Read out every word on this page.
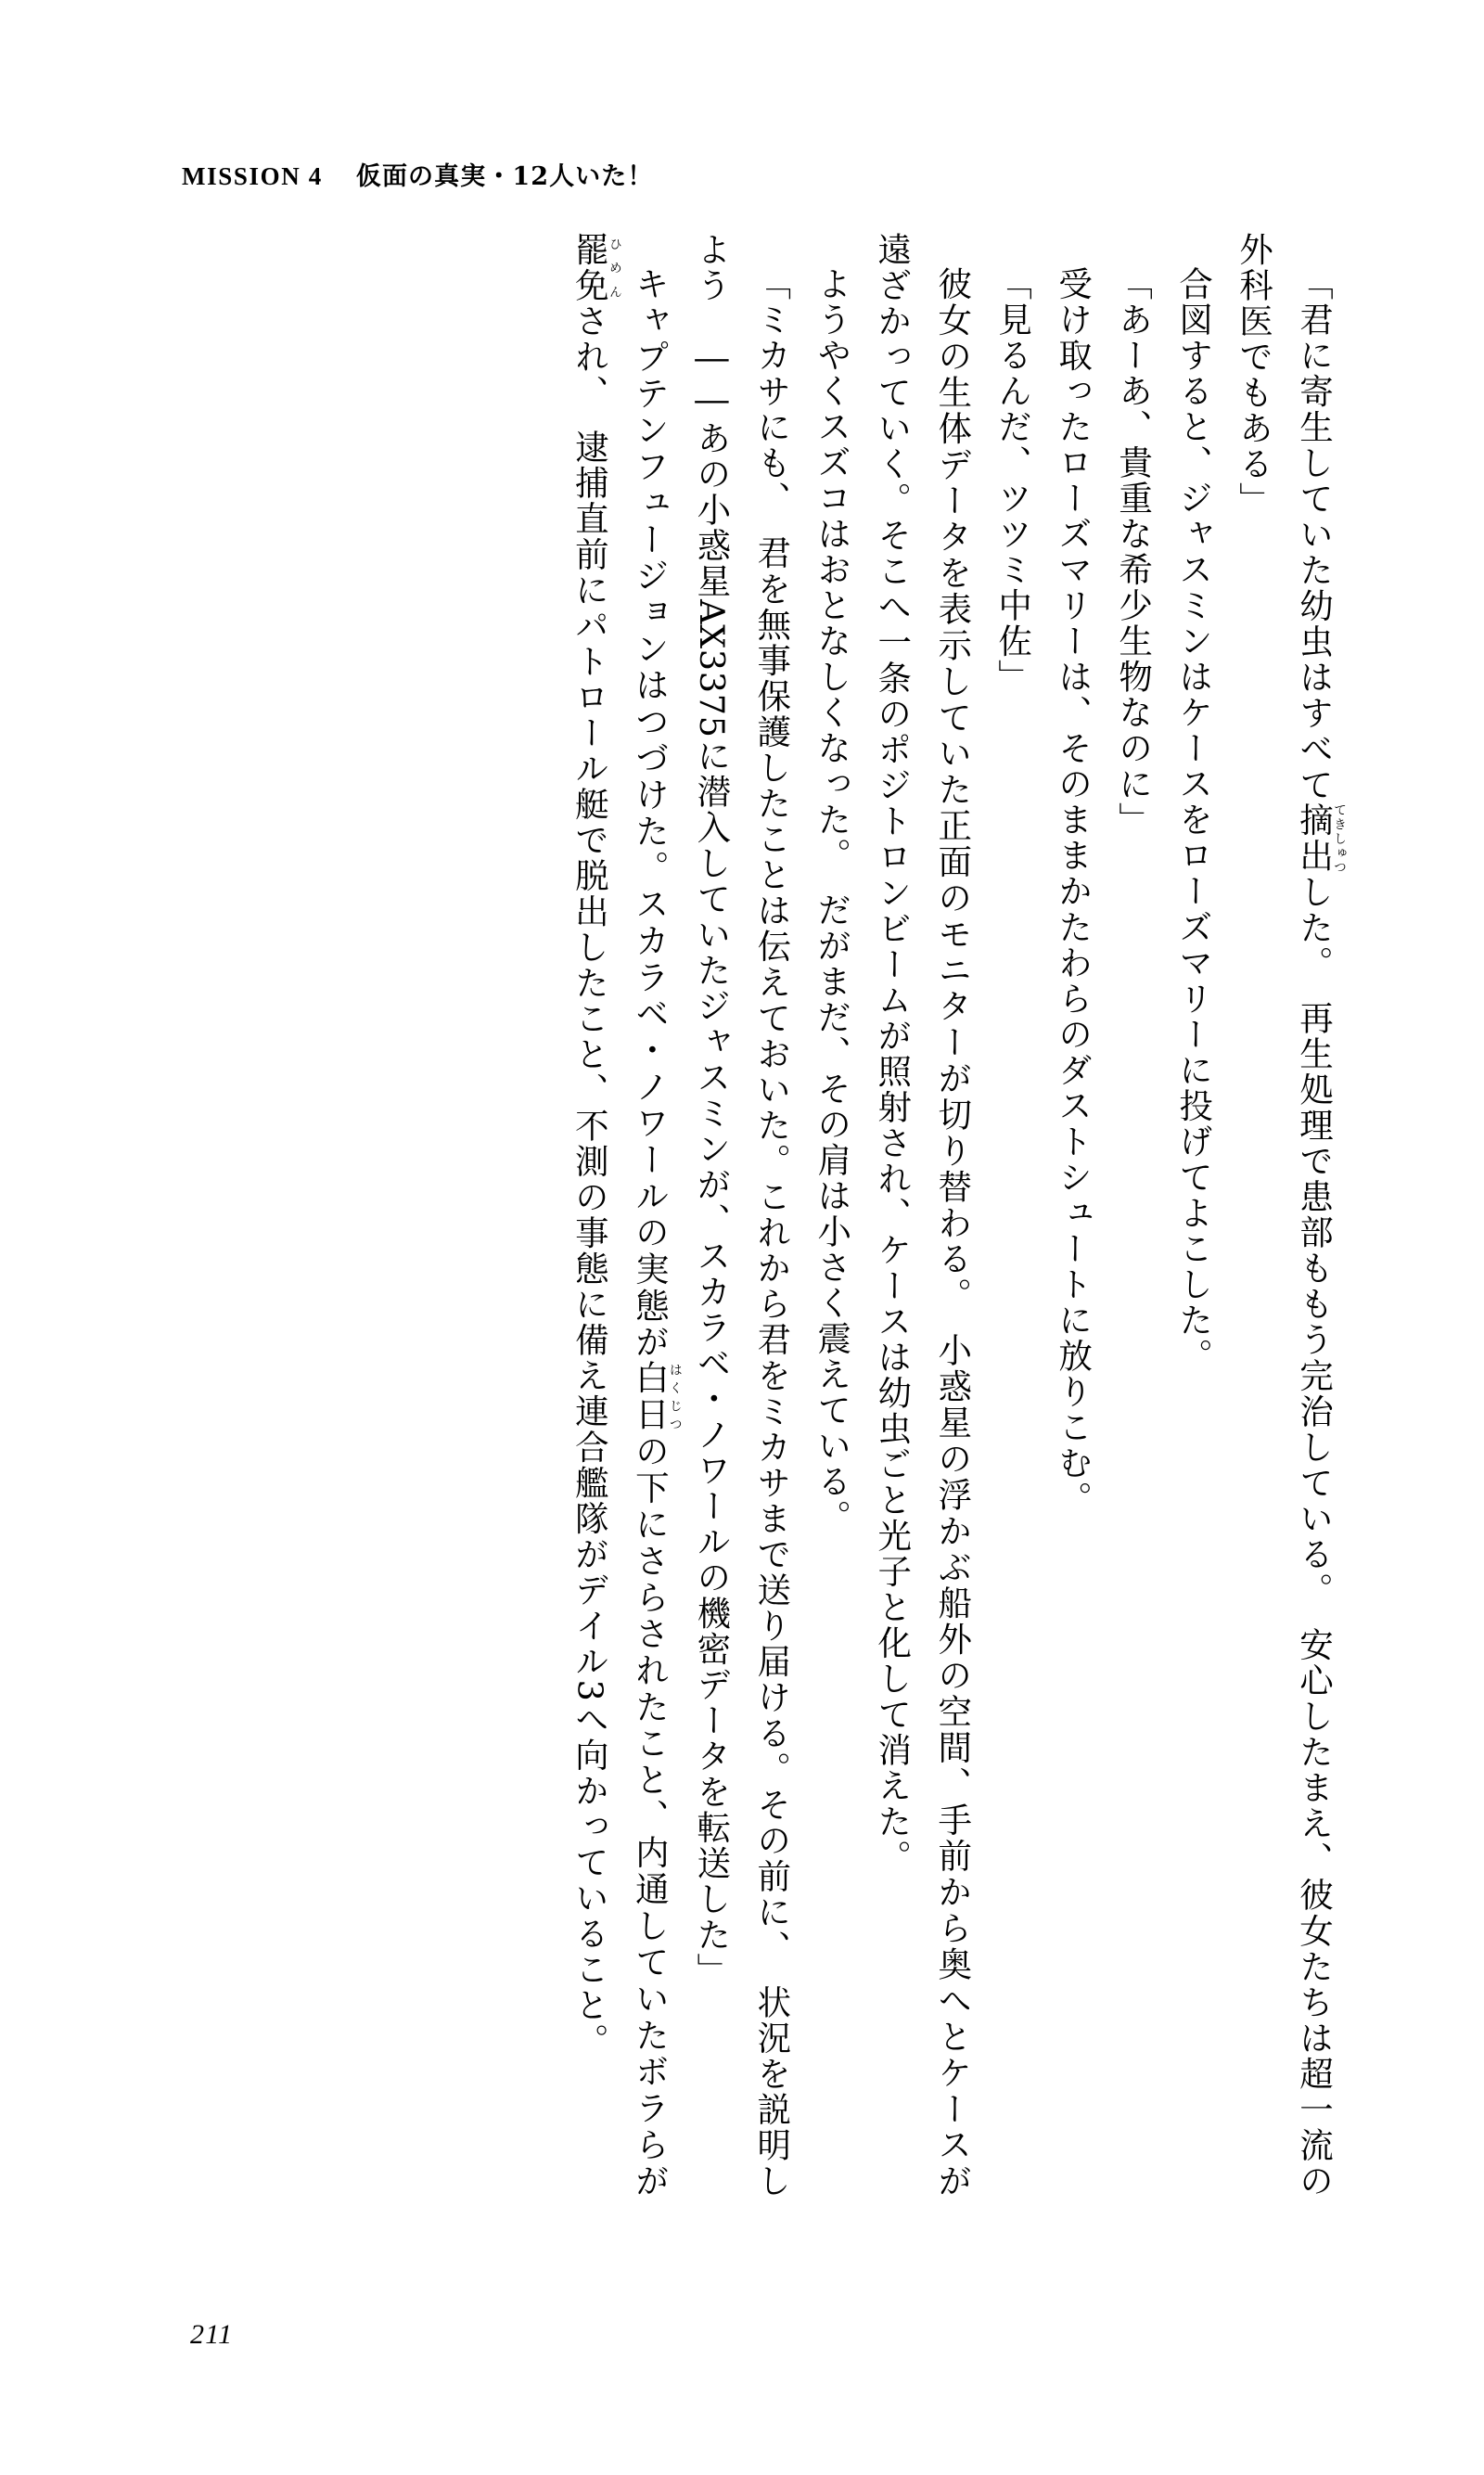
MISSION 4 仮面の真実・12人いた！

「君に寄生していた幼虫はすべて摘出てきしゅつした。　再生処理で患部ももう完治している。　安心したまえ、彼女たちは超一流の外科医でもある」

合図すると、ジャスミンはケースをローズマリーに投げてよこした。

「あーあ、貴重な希少生物なのに」

受け取ったローズマリーは、そのままかたわらのダストシュートに放りこむ。

「見るんだ、ツツミ中佐」

彼女の生体データを表示していた正面のモニターが切り替わる。　小惑星の浮かぶ船外の空間、手前から奥へとケースが遠ざかっていく。そこへ一条のポジトロンビームが照射され、ケースは幼虫ごと光子と化して消えた。

ようやくスズコはおとなしくなった。　だがまだ、その肩は小さく震えている。

「ミカサにも、　君を無事保護したことは伝えておいた。これから君をミカサまで送り届ける。その前に、　状況を説明しよう――あの小惑星AX3375に潜入していたジャスミンが、スカラベ・ノワールの機密データを転送した」

キャプテンフュージョンはつづけた。スカラベ・ノワールの実態が白日はくじつの下にさらされたこと、内通していたボラらが罷免ひめんされ、　逮捕直前にパトロール艇で脱出したこと、不測の事態に備え連合艦隊がデイル3へ向かっていること。

211
